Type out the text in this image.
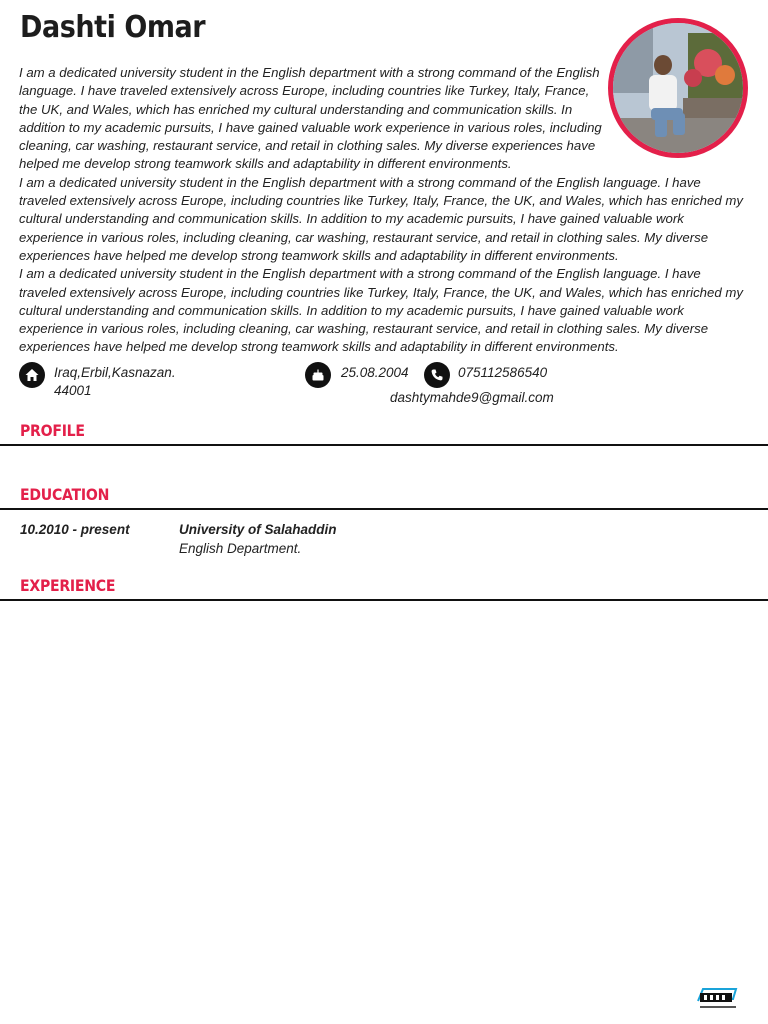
Dashti Omar

I am a dedicated university student in the English department with a strong command of the English language. I have traveled extensively across Europe, including countries like Turkey, Italy, France, the UK, and Wales, which has enriched my cultural understanding and communication skills. In addition to my academic pursuits, I have gained valuable work experience in various roles, including cleaning, car washing, restaurant service, and retail in clothing sales. My diverse experiences have helped me develop strong teamwork skills and adaptability in different environments.

I am a dedicated university student in the English department with a strong command of the English language. I have traveled extensively across Europe, including countries like Turkey, Italy, France, the UK, and Wales, which has enriched my cultural understanding and communication skills. In addition to my academic pursuits, I have gained valuable work experience in various roles, including cleaning, car washing, restaurant service, and retail in clothing sales. My diverse experiences have helped me develop strong teamwork skills and adaptability in different environments.

I am a dedicated university student in the English department with a strong command of the English language. I have traveled extensively across Europe, including countries like Turkey, Italy, France, the UK, and Wales, which has enriched my cultural understanding and communication skills. In addition to my academic pursuits, I have gained valuable work experience in various roles, including cleaning, car washing, restaurant service, and retail in clothing sales. My diverse experiences have helped me develop strong teamwork skills and adaptability in different environments.

Iraq,Erbil,Kasnazan.
44001
25.08.2004	075112586540
dashtymahde9@gmail.com
PROFILE
EDUCATION
10.2010 - present	University of Salahaddin
English Department.
EXPERIENCE
